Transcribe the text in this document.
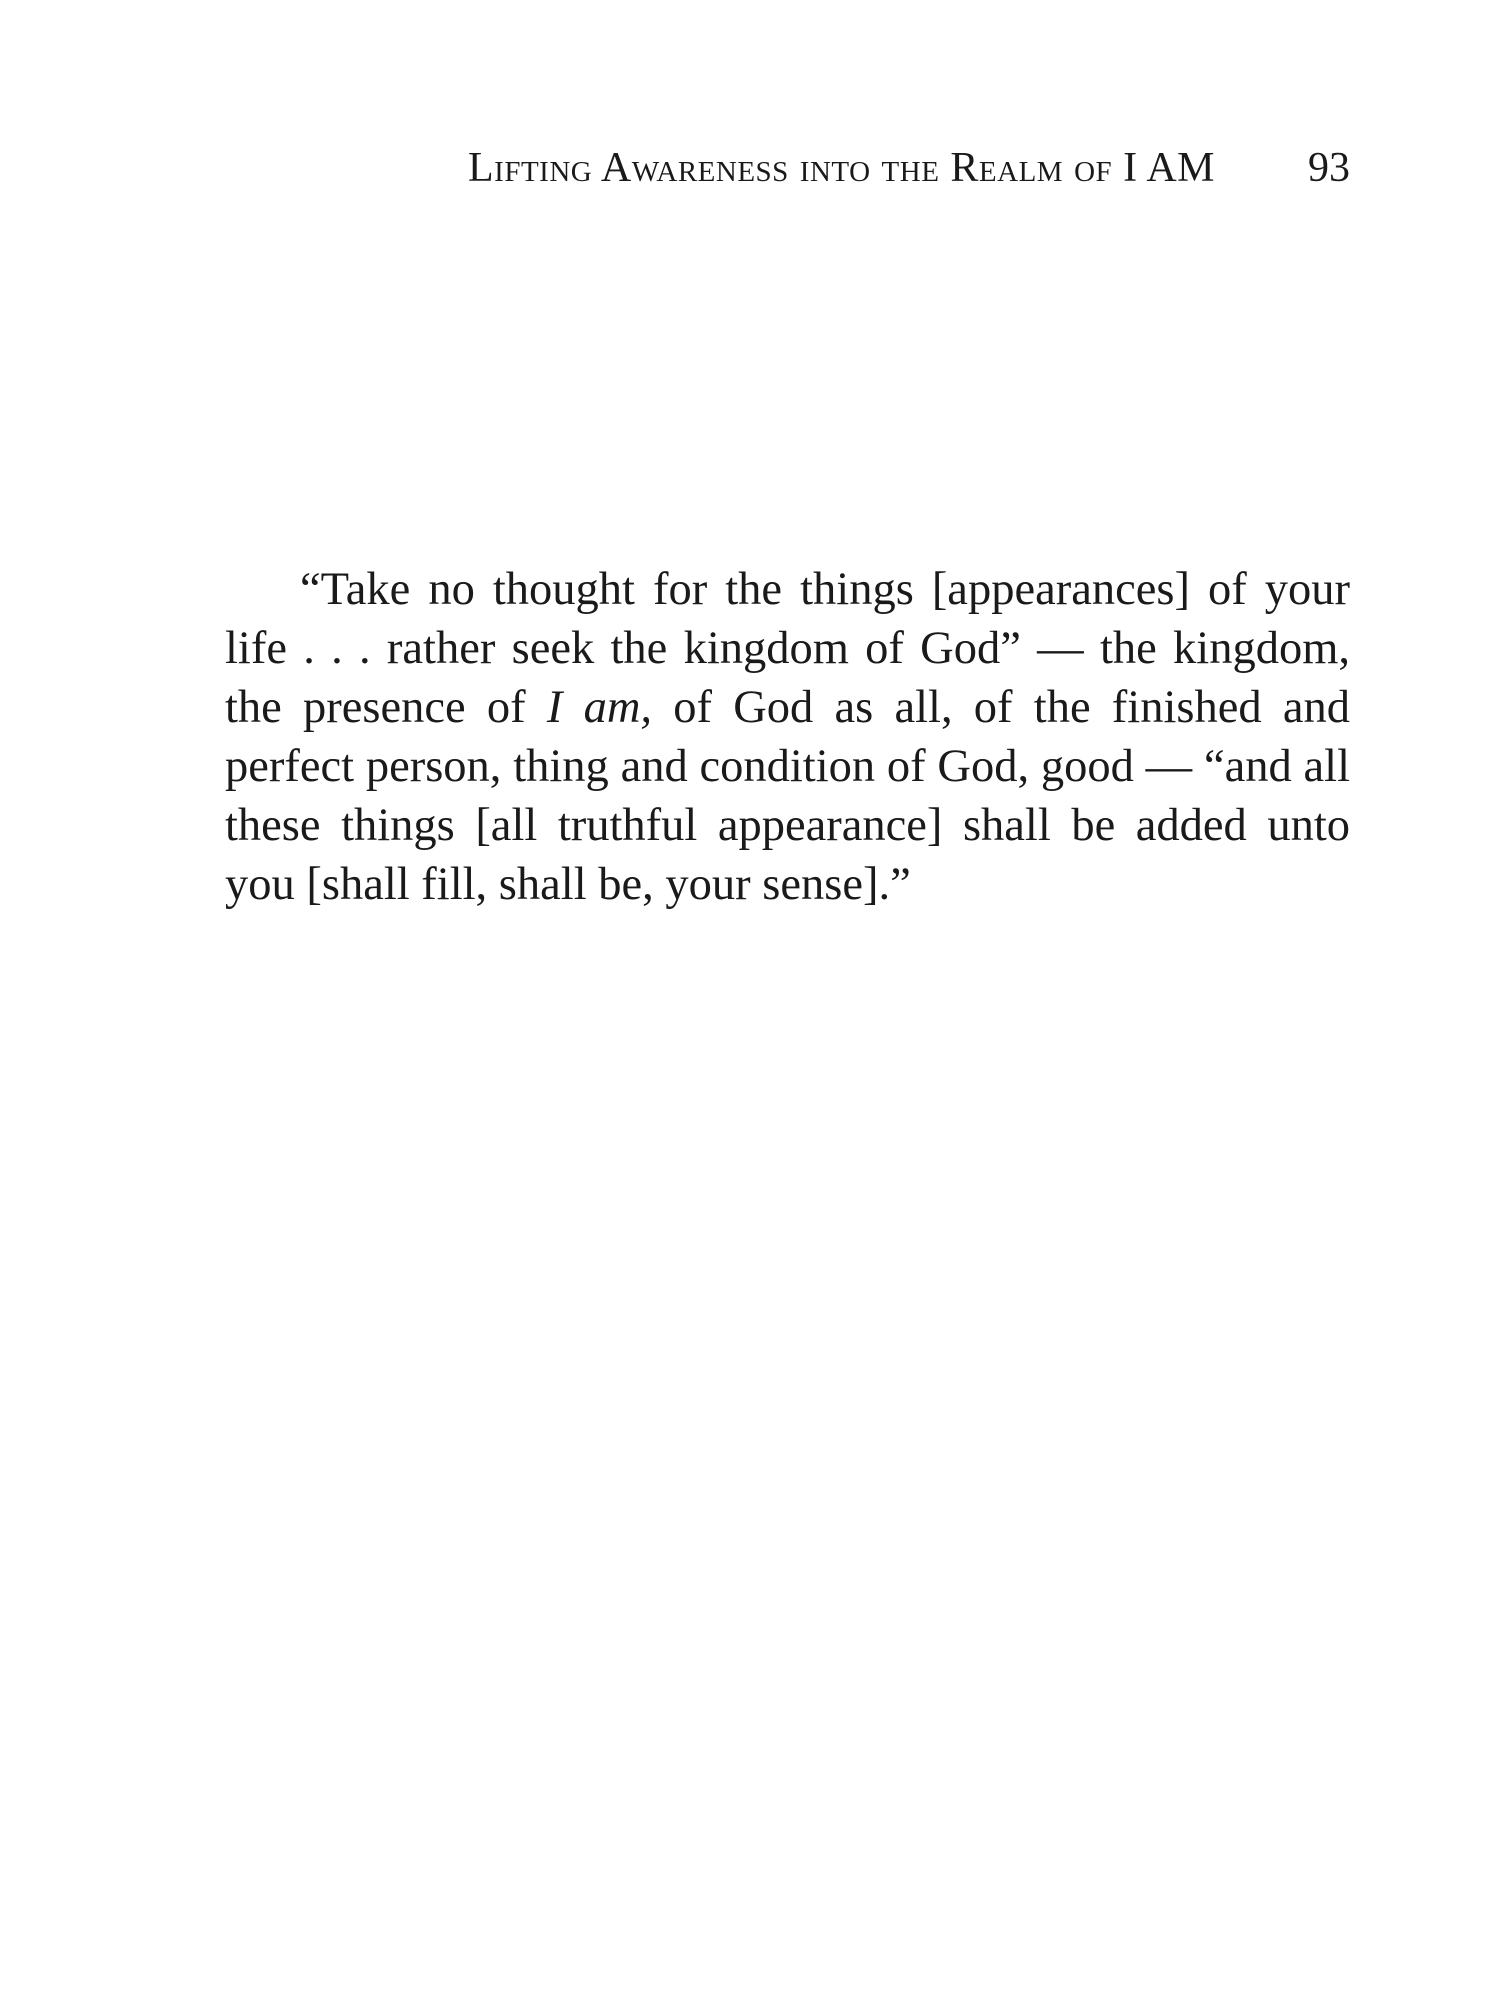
Lifting Awareness into the Realm of I AM 93

“Take no thought for the things [appearances] of your life . . . rather seek the kingdom of God” — the kingdom, the presence of I am, of God as all, of the finished and perfect person, thing and condition of God, good — “and all these things [all truthful appearance] shall be added unto you [shall fill, shall be, your sense].”
